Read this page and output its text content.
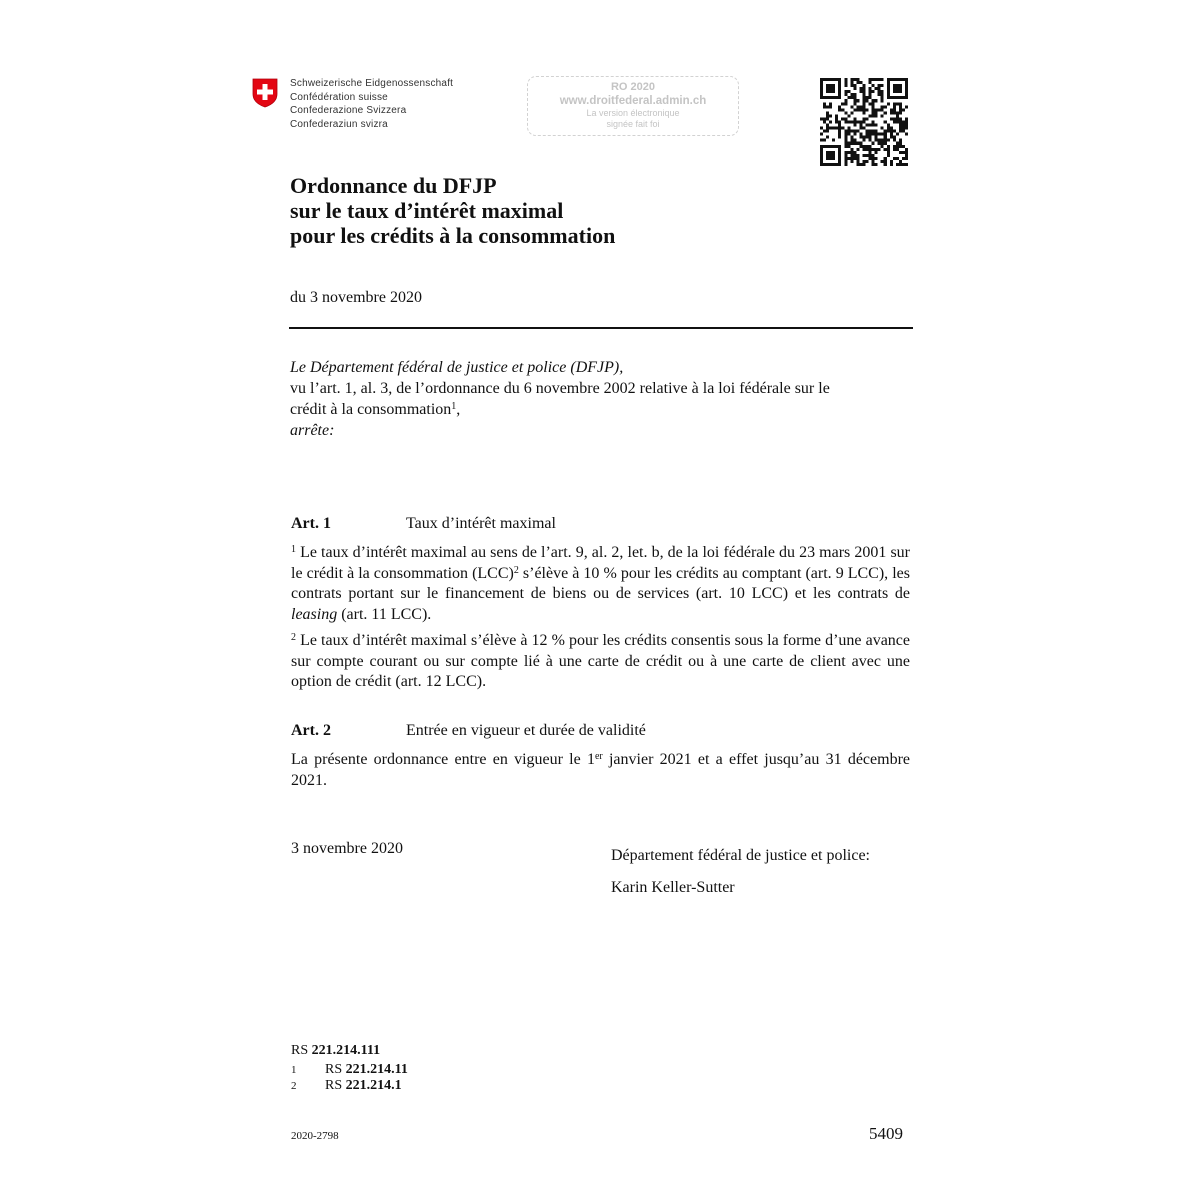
Schweizerische Eidgenossenschaft
Confédération suisse
Confederazione Svizzera
Confederaziun svizra
RO 2020
www.droitfederal.admin.ch
La version électronique
signée fait foi
Ordonnance du DFJP
sur le taux d’intérêt maximal
pour les crédits à la consommation
du 3 novembre 2020
Le Département fédéral de justice et police (DFJP),
vu l’art. 1, al. 3, de l’ordonnance du 6 novembre 2002 relative à la loi fédérale sur le crédit à la consommation$^1$,
arrête:
Art. 1	Taux d’intérêt maximal

$^1$ Le taux d’intérêt maximal au sens de l’art. 9, al. 2, let. b, de la loi fédérale du 23 mars 2001 sur le crédit à la consommation (LCC)$^2$ s’élève à 10 % pour les crédits au comptant (art. 9 LCC), les contrats portant sur le financement de biens ou de services (art. 10 LCC) et les contrats de leasing (art. 11 LCC).

$^2$ Le taux d’intérêt maximal s’élève à 12 % pour les crédits consentis sous la forme d’une avance sur compte courant ou sur compte lié à une carte de crédit ou à une carte de client avec une option de crédit (art. 12 LCC).

Art. 2	Entrée en vigueur et durée de validité

La présente ordonnance entre en vigueur le 1er janvier 2021 et a effet jusqu’au 31 décembre 2021.

3 novembre 2020	Département fédéral de justice et police:
Karin Keller-Sutter
RS 221.214.111
1	RS 221.214.11
2	RS 221.214.1
2020-2798	5409
